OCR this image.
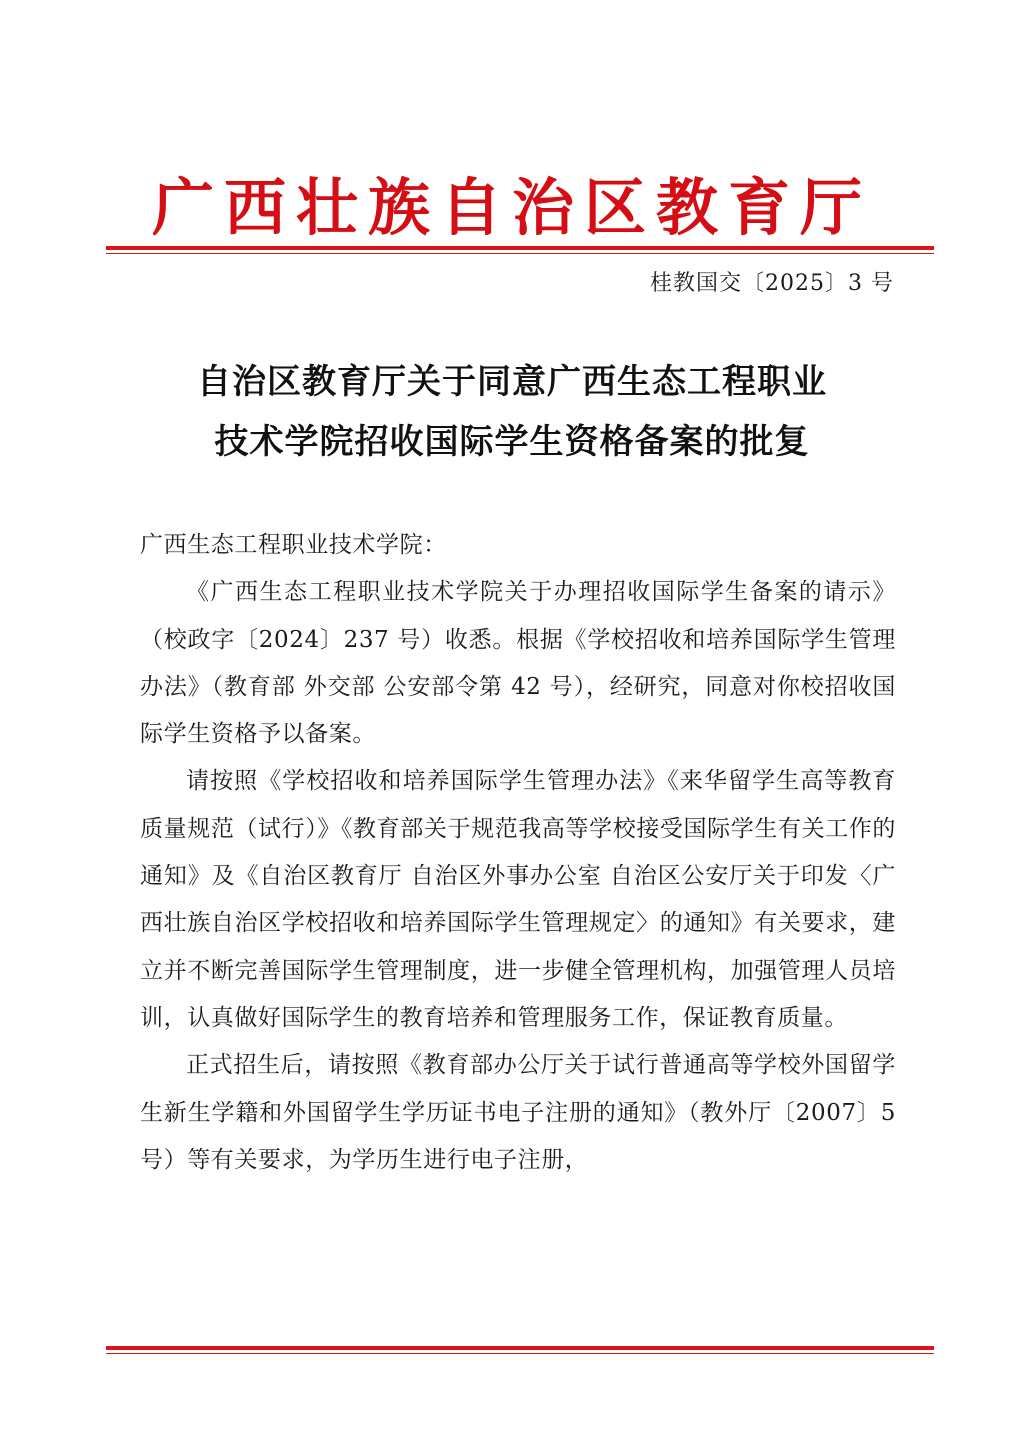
广西壮族自治区教育厅
桂教国交〔2025〕3 号
自治区教育厅关于同意广西生态工程职业
技术学院招收国际学生资格备案的批复

广西生态工程职业技术学院：

《广西生态工程职业技术学院关于办理招收国际学生备案的请示》（校政字〔2024〕237 号）收悉。根据《学校招收和培养国际学生管理办法》（教育部 外交部 公安部令第 42 号），经研究，同意对你校招收国际学生资格予以备案。

请按照《学校招收和培养国际学生管理办法》《来华留学生高等教育质量规范（试行）》《教育部关于规范我高等学校接受国际学生有关工作的通知》及《自治区教育厅 自治区外事办公室 自治区公安厅关于印发〈广西壮族自治区学校招收和培养国际学生管理规定〉的通知》有关要求，建立并不断完善国际学生管理制度，进一步健全管理机构，加强管理人员培训，认真做好国际学生的教育培养和管理服务工作，保证教育质量。

正式招生后，请按照《教育部办公厅关于试行普通高等学校外国留学生新生学籍和外国留学生学历证书电子注册的通知》（教外厅〔2007〕5 号）等有关要求，为学历生进行电子注册，
